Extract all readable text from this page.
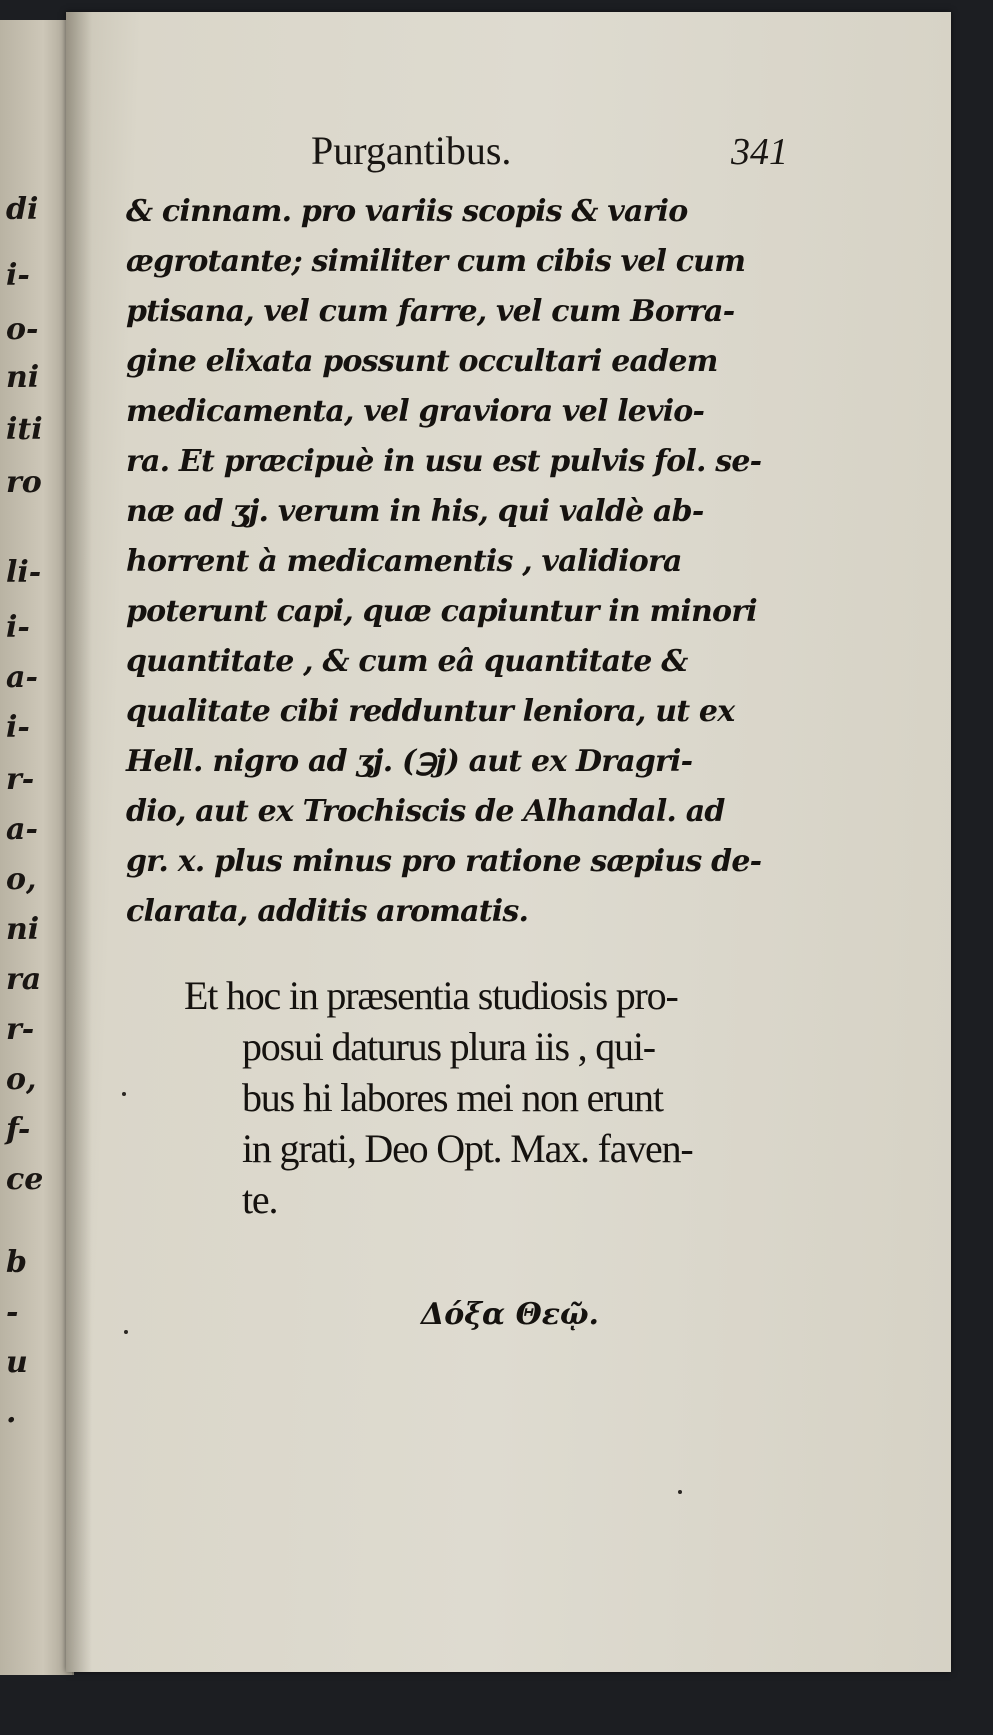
di
i-
o-
ni
iti
ro
li-
i-
a-
i-
r-
a-
o,
ni
ra
r-
o,
f-
ce
b
-
u
.
Purgantibus.	341
& cinnam. pro variis scopis & vario
ægrotante; similiter cum cibis vel cum
ptisana, vel cum farre, vel cum Borra-
gine elixata possunt occultari eadem
medicamenta, vel graviora vel levio-
ra. Et præcipuè in usu est pulvis fol. se-
næ ad ʒj. verum in his, qui valdè ab-
horrent à medicamentis , validiora
poterunt capi, quæ capiuntur in minori
quantitate , & cum eâ quantitate &
qualitate cibi redduntur leniora, ut ex
Hell. nigro ad ʒj. (℈j) aut ex Dragri-
dio, aut ex Trochiscis de Alhandal. ad
gr. x. plus minus pro ratione sæpius de-
clarata, additis aromatis.
Et hoc in præsentia studiosis pro-
posui daturus plura iis , qui-
bus hi labores mei non erunt
in grati, Deo Opt. Max. faven-
te.
Δόξα Θεῷ.
